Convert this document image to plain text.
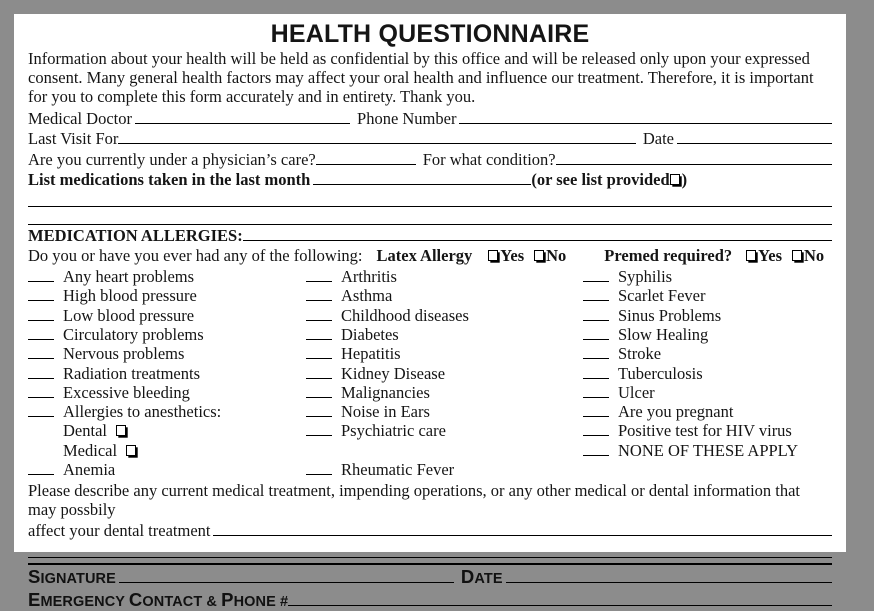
HEALTH QUESTIONNAIRE
Information about your health will be held as confidential by this office and will be released only upon your expressed consent. Many general health factors may affect your oral health and influence our treatment. Therefore, it is important for you to complete this form accurately and in entirety. Thank you.
Medical Doctor	Phone Number
Last Visit For	Date
Are you currently under a physician’s care?	For what condition?
List medications taken in the last month	(or see list provided )
MEDICATION ALLERGIES:
Do you or have you ever had any of the following: Latex Allergy Yes No Premed required? Yes No
Any heart problems
High blood pressure
Low blood pressure
Circulatory problems
Nervous problems
Radiation treatments
Excessive bleeding
Allergies to anesthetics:
Dental
Medical
Anemia
Arthritis
Asthma
Childhood diseases
Diabetes
Hepatitis
Kidney Disease
Malignancies
Noise in Ears
Psychiatric care
Rheumatic Fever
Syphilis
Scarlet Fever
Sinus Problems
Slow Healing
Stroke
Tuberculosis
Ulcer
Are you pregnant
Positive test for HIV virus
NONE OF THESE APPLY
Please describe any current medical treatment, impending operations, or any other medical or dental information that may possbily
affect your dental treatment
SIGNATURE	DATE
EMERGENCY CONTACT & PHONE #
